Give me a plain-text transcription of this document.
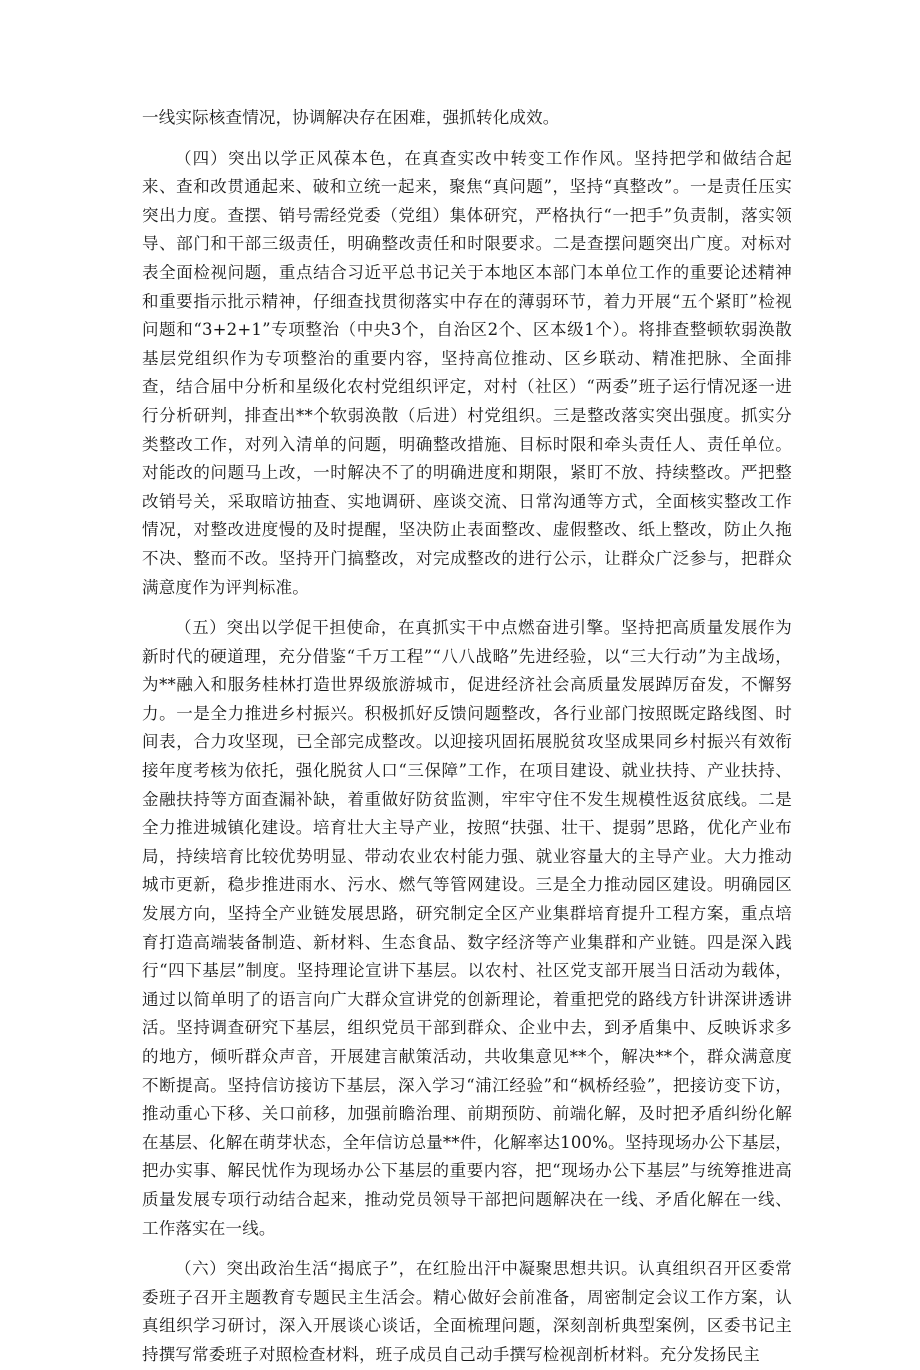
一线实际核查情况，协调解决存在困难，强抓转化成效。

（四）突出以学正风葆本色，在真查实改中转变工作作风。坚持把学和做结合起来、查和改贯通起来、破和立统一起来，聚焦“真问题”，坚持“真整改”。一是责任压实突出力度。查摆、销号需经党委（党组）集体研究，严格执行“一把手”负责制，落实领导、部门和干部三级责任，明确整改责任和时限要求。二是查摆问题突出广度。对标对表全面检视问题，重点结合习近平总书记关于本地区本部门本单位工作的重要论述精神和重要指示批示精神，仔细查找贯彻落实中存在的薄弱环节，着力开展“五个紧盯”检视问题和“3+2+1”专项整治（中央3个，自治区2个、区本级1个）。将排查整顿软弱涣散基层党组织作为专项整治的重要内容，坚持高位推动、区乡联动、精准把脉、全面排查，结合届中分析和星级化农村党组织评定，对村（社区）“两委”班子运行情况逐一进行分析研判，排查出**个软弱涣散（后进）村党组织。三是整改落实突出强度。抓实分类整改工作，对列入清单的问题，明确整改措施、目标时限和牵头责任人、责任单位。对能改的问题马上改，一时解决不了的明确进度和期限，紧盯不放、持续整改。严把整改销号关，采取暗访抽查、实地调研、座谈交流、日常沟通等方式，全面核实整改工作情况，对整改进度慢的及时提醒，坚决防止表面整改、虚假整改、纸上整改，防止久拖不决、整而不改。坚持开门搞整改，对完成整改的进行公示，让群众广泛参与，把群众满意度作为评判标准。

（五）突出以学促干担使命，在真抓实干中点燃奋进引擎。坚持把高质量发展作为新时代的硬道理，充分借鉴“千万工程”“八八战略”先进经验，以“三大行动”为主战场，为**融入和服务桂林打造世界级旅游城市，促进经济社会高质量发展踔厉奋发，不懈努力。一是全力推进乡村振兴。积极抓好反馈问题整改，各行业部门按照既定路线图、时间表，合力攻坚现，已全部完成整改。以迎接巩固拓展脱贫攻坚成果同乡村振兴有效衔接年度考核为依托，强化脱贫人口“三保障”工作，在项目建设、就业扶持、产业扶持、金融扶持等方面查漏补缺，着重做好防贫监测，牢牢守住不发生规模性返贫底线。二是全力推进城镇化建设。培育壮大主导产业，按照“扶强、壮干、提弱”思路，优化产业布局，持续培育比较优势明显、带动农业农村能力强、就业容量大的主导产业。大力推动城市更新，稳步推进雨水、污水、燃气等管网建设。三是全力推动园区建设。明确园区发展方向，坚持全产业链发展思路，研究制定全区产业集群培育提升工程方案，重点培育打造高端装备制造、新材料、生态食品、数字经济等产业集群和产业链。四是深入践行“四下基层”制度。坚持理论宣讲下基层。以农村、社区党支部开展当日活动为载体，通过以简单明了的语言向广大群众宣讲党的创新理论，着重把党的路线方针讲深讲透讲活。坚持调查研究下基层，组织党员干部到群众、企业中去，到矛盾集中、反映诉求多的地方，倾听群众声音，开展建言献策活动，共收集意见**个，解决**个，群众满意度不断提高。坚持信访接访下基层，深入学习“浦江经验”和“枫桥经验”，把接访变下访，推动重心下移、关口前移，加强前瞻治理、前期预防、前端化解，及时把矛盾纠纷化解在基层、化解在萌芽状态，全年信访总量**件，化解率达100%。坚持现场办公下基层，把办实事、解民忧作为现场办公下基层的重要内容，把“现场办公下基层”与统筹推进高质量发展专项行动结合起来，推动党员领导干部把问题解决在一线、矛盾化解在一线、工作落实在一线。

（六）突出政治生活“揭底子”，在红脸出汗中凝聚思想共识。认真组织召开区委常委班子召开主题教育专题民主生活会。精心做好会前准备，周密制定会议工作方案，认真组织学习研讨，深入开展谈心谈话，全面梳理问题，深刻剖析典型案例，区委书记主持撰写常委班子对照检查材料，班子成员自己动手撰写检视剖析材料。充分发扬民主
